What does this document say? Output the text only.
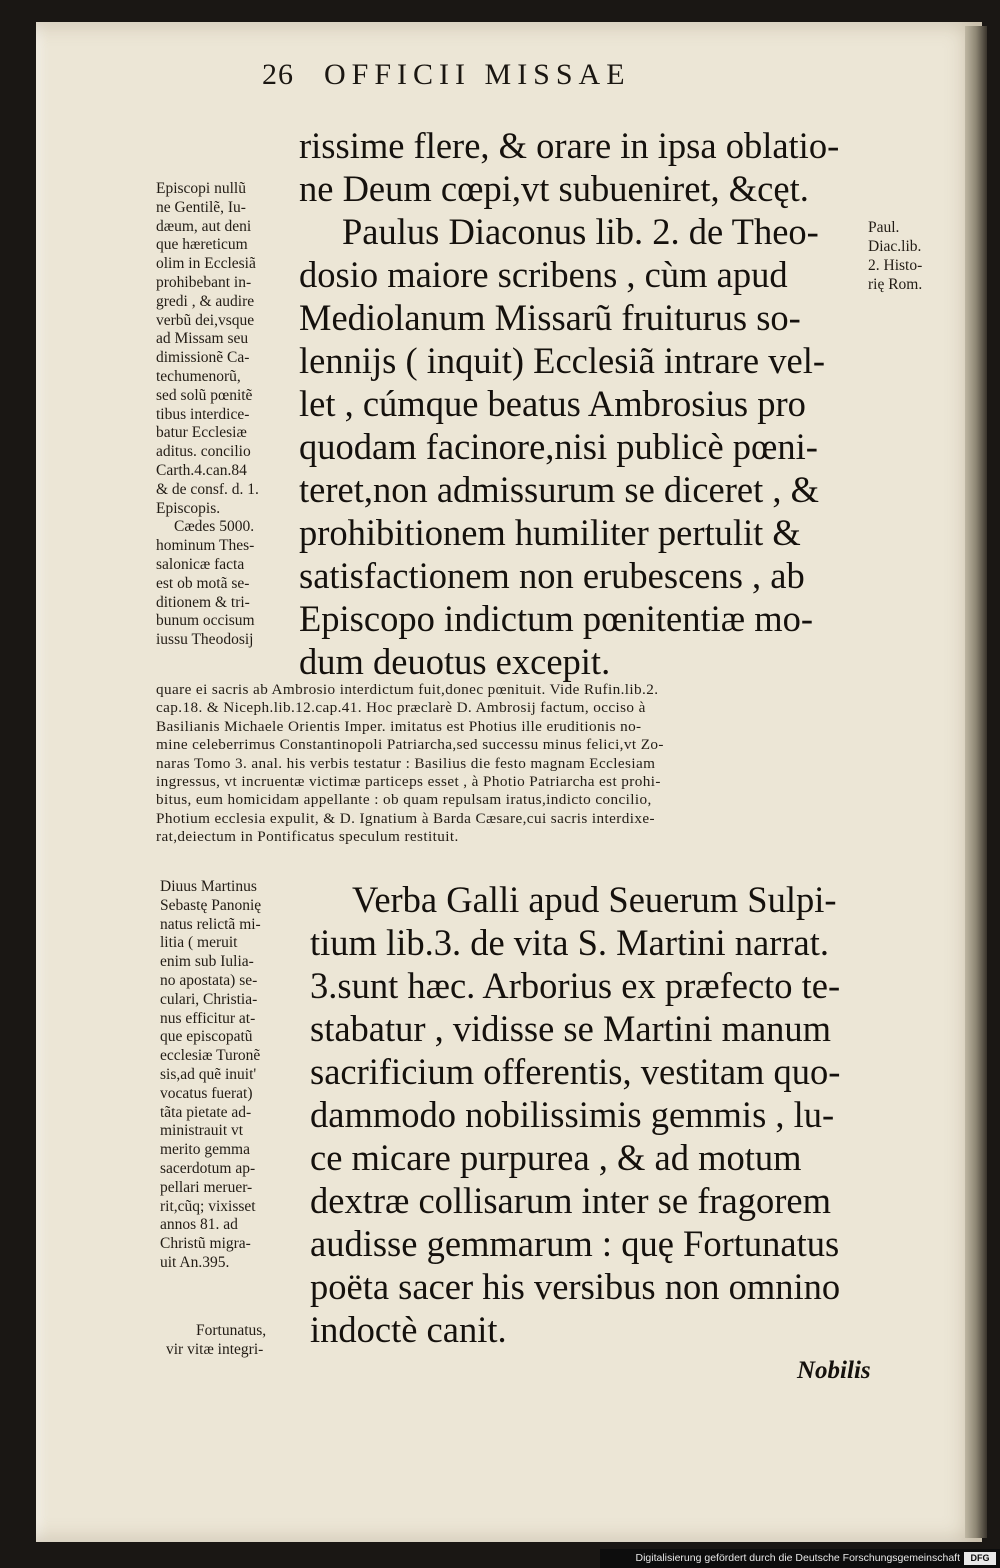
26 OFFICII MISSAE

rissime flere, & orare in ipsa oblatio-

ne Deum cœpi,vt subueniret, &cęt.

Paulus Diaconus lib. 2. de Theo-

dosio maiore scribens , cùm apud

Mediolanum Missarũ fruiturus so-

lennijs ( inquit) Ecclesiã intrare vel-

let , cúmque beatus Ambrosius pro

quodam facinore,nisi publicè pœni-

teret,non admissurum se diceret , &

prohibitionem humiliter pertulit &

satisfactionem non erubescens , ab

Episcopo indictum pœnitentiæ mo-

dum deuotus excepit.

Paul.

Diac.lib.

2. Histo-

rię Rom.

Episcopi nullũ

ne Gentilẽ, Iu-

dæum, aut deni

que hæreticum

olim in Ecclesiã

prohibebant in-

gredi , & audire

verbũ dei,vsque

ad Missam seu

dimissionẽ Ca-

techumenorũ,

sed solũ pœnitẽ

tibus interdice-

batur Ecclesiæ

aditus. concilio

Carth.4.can.84

& de consf. d. 1.

Episcopis.

Cædes 5000.

hominum Thes-

salonicæ facta

est ob motã se-

ditionem & tri-

bunum occisum

iussu Theodosij

quare ei sacris ab Ambrosio interdictum fuit,donec pœnituit. Vide Rufin.lib.2.

cap.18. & Niceph.lib.12.cap.41. Hoc præclarè D. Ambrosij factum, occiso à

Basilianis Michaele Orientis Imper. imitatus est Photius ille eruditionis no-

mine celeberrimus Constantinopoli Patriarcha,sed successu minus felici,vt Zo-

naras Tomo 3. anal. his verbis testatur : Basilius die festo magnam Ecclesiam

ingressus, vt incruentæ victimæ particeps esset , à Photio Patriarcha est prohi-

bitus, eum homicidam appellante : ob quam repulsam iratus,indicto concilio,

Photium ecclesia expulit, & D. Ignatium à Barda Cæsare,cui sacris interdixe-

rat,deiectum in Pontificatus speculum restituit.

Diuus Martinus

Sebastę Panonię

natus relictã mi-

litia ( meruit

enim sub Iulia-

no apostata) se-

culari, Christia-

nus efficitur at-

que episcopatũ

ecclesiæ Turonẽ

sis,ad quẽ inuit'

vocatus fuerat)

tãta pietate ad-

ministrauit vt

merito gemma

sacerdotum ap-

pellari meruer-

rit,cũq; vixisset

annos 81. ad

Christũ migra-

uit An.395.

Fortunatus,

vir vitæ integri-

Verba Galli apud Seuerum Sulpi-

tium lib.3. de vita S. Martini narrat.

3.sunt hæc. Arborius ex præfecto te-

stabatur , vidisse se Martini manum

sacrificium offerentis, vestitam quo-

dammodo nobilissimis gemmis , lu-

ce micare purpurea , & ad motum

dextræ collisarum inter se fragorem

audisse gemmarum : quę Fortunatus

poëta sacer his versibus non omnino

indoctè canit.

Nobilis

Digitalisierung gefördert durch die Deutsche Forschungsgemeinschaft	DFG
